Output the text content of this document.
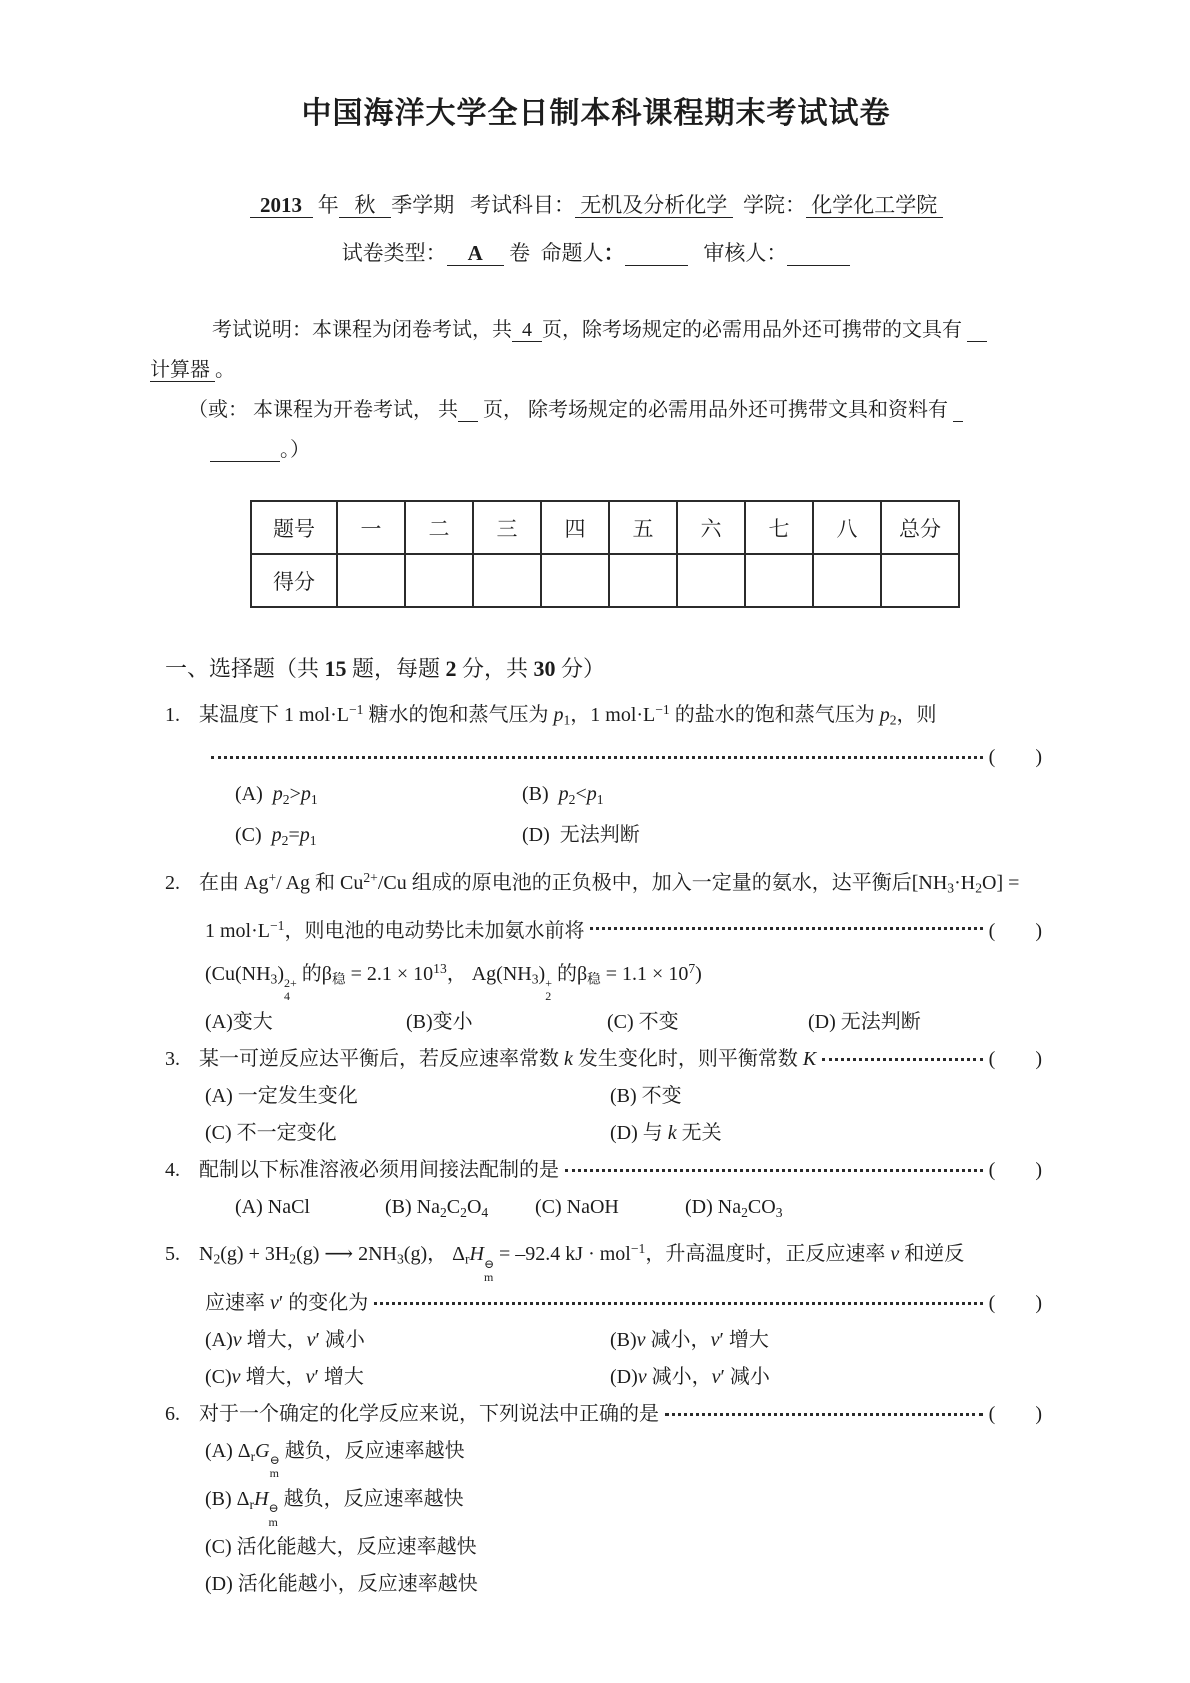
中国海洋大学全日制本科课程期末考试试卷
2013   年   秋   季学期   考试科目： 无机及分析化学   学院： 化学化工学院
试卷类型：    A     卷  命题人：	审核人：
考试说明：本课程为闭卷考试，共  4  页，除考场规定的必需用品外还可携带的文具有
计算器 。
（或： 本课程为开卷考试， 共     页， 除考场规定的必需用品外还可携带文具和资料有
。）
题号	一	二	三	四	五	六	七	八	总分
得分									
一、选择题（共 15 题，每题 2 分，共 30 分）
1. 某温度下 1 $mol\cdot L^{-1}$ 糖水的饱和蒸气压为 p1，1 $mol\cdot L^{-1}$ 的盐水的饱和蒸气压为 p2，则
(        )
(A) p2>p1	(B) p2<p1
(C) p2=p1	(D) 无法判断
2. 在由 Ag+/ Ag 和 $Cu^{2+}/Cu$ 组成的原电池的正负极中，加入一定量的氨水，达平衡后[NH3·H2O] =
1 $mol\cdot L^{-1}$，则电池的电动势比未加氨水前将	(        )
(Cu(NH3) 2+
4
的β稳 = $2.1 \times 10^{13}$， Ag(NH3) +
2
的β稳 = $1.1 \times 10^7$)
(A) 变大	(B) 变小	(C) 不变	(D) 无法判断
3. 某一可逆反应达平衡后，若反应速率常数 k 发生变化时，则平衡常数 K	(        )
(A) 一定发生变化	(B) 不变
(C) 不一定变化	(D) 与 k 无关
4. 配制以下标准溶液必须用间接法配制的是	(        )
(A) NaCl	(B) Na2C2O4 (C) NaOH	(D) Na2CO3
5. N2(g) + 3H2(g) ⟶ 2NH3(g)， ΔrH ⊖
m
= –92.4 kJ · mol$^{-1}$，升高温度时，正反应速率 v 和逆反
应速率 v′ 的变化为	(        )
(A) v 增大，v′ 减小	(B) v 减小，v′ 增大
(C) v 增大，v′ 增大	(D) v 减小，v′ 减小
6. 对于一个确定的化学反应来说，下列说法中正确的是	(        )
(A) ΔrG ⊖
m
越负，反应速率越快
(B) ΔrH ⊖
m
越负，反应速率越快
(C) 活化能越大，反应速率越快
(D) 活化能越小，反应速率越快
